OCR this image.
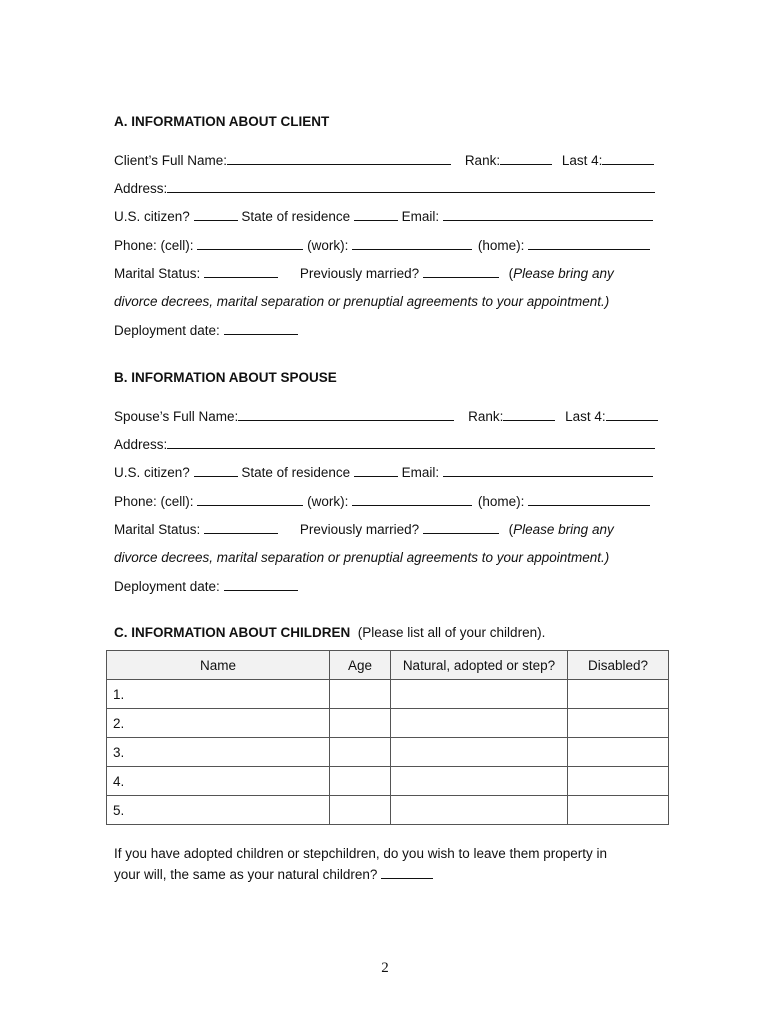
A. INFORMATION ABOUT CLIENT
Client’s Full Name:	Rank:	Last 4:
Address:
U.S. citizen?	State of residence	Email:
Phone: (cell):	(work):	(home):
Marital Status:	Previously married?	(Please bring any
divorce decrees, marital separation or prenuptial agreements to your appointment.)
Deployment date:
B. INFORMATION ABOUT SPOUSE
Spouse’s Full Name:	Rank:	Last 4:
Address:
U.S. citizen?	State of residence	Email:
Phone: (cell):	(work):	(home):
Marital Status:	Previously married?	(Please bring any
divorce decrees, marital separation or prenuptial agreements to your appointment.)
Deployment date:
C. INFORMATION ABOUT CHILDREN (Please list all of your children).
Name	Age	Natural, adopted or step?	Disabled?
1.			
2.			
3.			
4.			
5.			
If you have adopted children or stepchildren, do you wish to leave them property in
your will, the same as your natural children?
2
